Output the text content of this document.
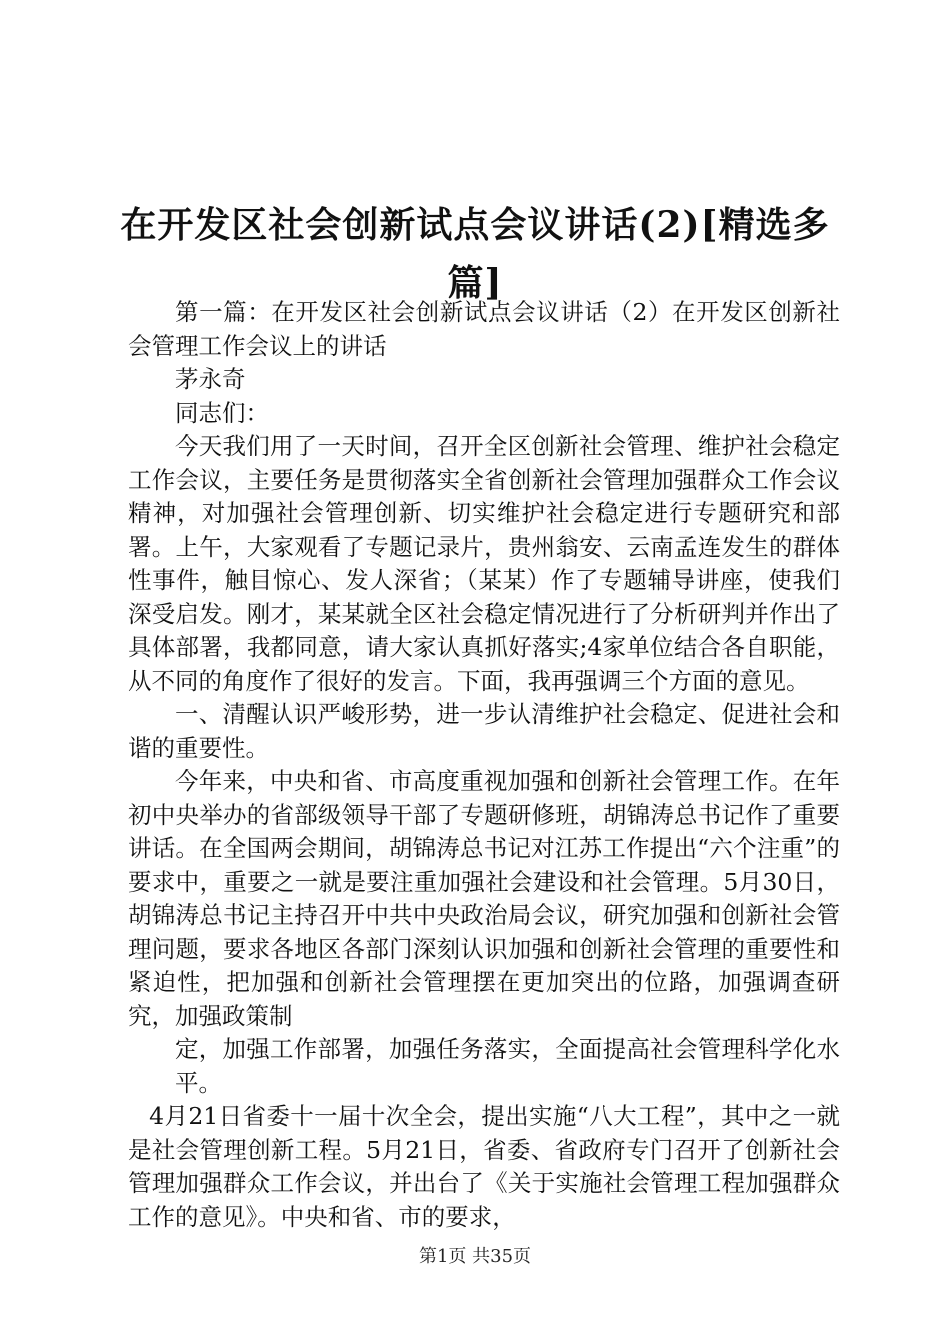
在开发区社会创新试点会议讲话(2)[精选多
篇]

第一篇：在开发区社会创新试点会议讲话（2）在开发区创新社会管理工作会议上的讲话

茅永奇

同志们：

今天我们用了一天时间，召开全区创新社会管理、维护社会稳定工作会议，主要任务是贯彻落实全省创新社会管理加强群众工作会议精神，对加强社会管理创新、切实维护社会稳定进行专题研究和部署。上午，大家观看了专题记录片，贵州翁安、云南孟连发生的群体性事件，触目惊心、发人深省；（某某）作了专题辅导讲座，使我们深受启发。刚才，某某就全区社会稳定情况进行了分析研判并作出了具体部署，我都同意，请大家认真抓好落实;4家单位结合各自职能，从不同的角度作了很好的发言。下面，我再强调三个方面的意见。

一、清醒认识严峻形势，进一步认清维护社会稳定、促进社会和谐的重要性。

今年来，中央和省、市高度重视加强和创新社会管理工作。在年初中央举办的省部级领导干部了专题研修班，胡锦涛总书记作了重要讲话。在全国两会期间，胡锦涛总书记对江苏工作提出“六个注重”的要求中，重要之一就是要注重加强社会建设和社会管理。5月30日，胡锦涛总书记主持召开中共中央政治局会议，研究加强和创新社会管理问题，要求各地区各部门深刻认识加强和创新社会管理的重要性和紧迫性，把加强和创新社会管理摆在更加突出的位路，加强调查研究，加强政策制

定，加强工作部署，加强任务落实，全面提高社会管理科学化水平。

4月21日省委十一届十次全会，提出实施“八大工程”，其中之一就是社会管理创新工程。5月21日，省委、省政府专门召开了创新社会管理加强群众工作会议，并出台了《关于实施社会管理工程加强群众工作的意见》。中央和省、市的要求，

第1页 共35页
